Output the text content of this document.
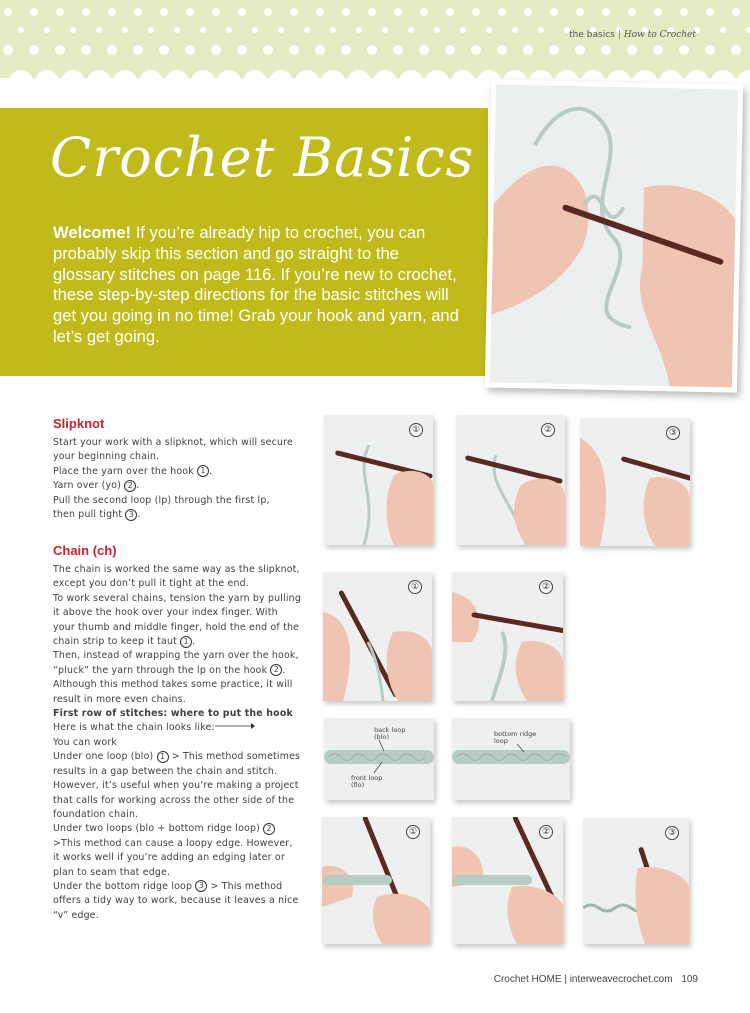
the basics | How to Crochet
Crochet Basics
Welcome! If you’re already hip to crochet, you can probably skip this section and go straight to the glossary stitches on page 116. If you’re new to crochet, these step-by-step directions for the basic stitches will get you going in no time! Grab your hook and yarn, and let’s get going.
Slipknot

Start your work with a slipknot, which will secure your beginning chain.

Place the yarn over the hook 1 .

Yarn over (yo) 2 .

Pull the second loop (lp) through the first lp,

then pull tight 3 .

Chain (ch)

The chain is worked the same way as the slipknot, except you don’t pull it tight at the end.

To work several chains, tension the yarn by pulling it above the hook over your index finger. With your thumb and middle finger, hold the end of the chain strip to keep it taut 1 .

Then, instead of wrapping the yarn over the hook, “pluck” the yarn through the lp on the hook 2 .

Although this method takes some practice, it will result in more even chains.

First row of stitches: where to put the hook

Here is what the chain looks like:

You can work

Under one loop (blo) 1 > This method sometimes results in a gap between the chain and stitch. However, it’s useful when you’re making a project that calls for working across the other side of the foundation chain.

Under two loops (blo + bottom ridge loop) 2 >This method can cause a loopy edge. However, it works well if you’re adding an edging later or plan to seam that edge.

Under the bottom ridge loop 3 > This method offers a tidy way to work, because it leaves a nice “v” edge.

①	②	③
①	②
back loop
(blo)
front loop
(flo)
bottom ridge
loop
①	②	③
Crochet HOME | interweavecrochet.com 109
